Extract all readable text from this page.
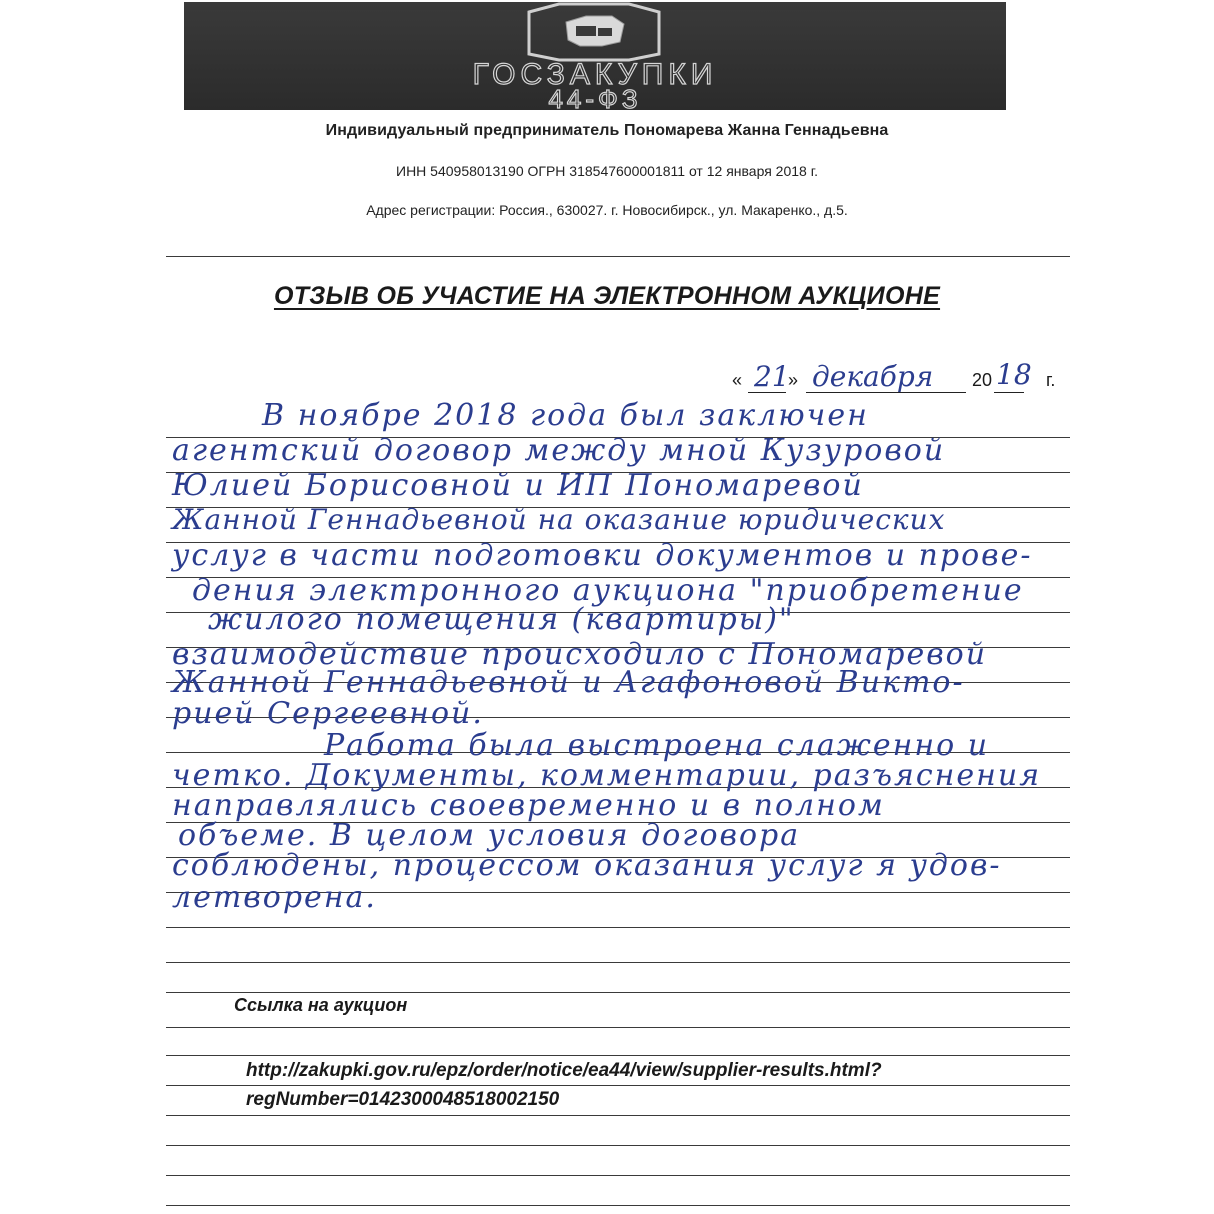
ГОСЗАКУПКИ
44-ФЗ
Индивидуальный предприниматель Пономарева Жанна Геннадьевна
ИНН 540958013190 ОГРН 318547600001811 от 12 января 2018 г.
Адрес регистрации: Россия., 630027. г. Новосибирск., ул. Макаренко., д.5.
ОТЗЫВ ОБ УЧАСТИЕ НА ЭЛЕКТРОННОМ АУКЦИОНЕ
« 21
» декабря 20 18 г.
В ноябре 2018 года был заключен
агентский договор между мной Кузуровой
Юлией Борисовной и ИП Пономаревой
Жанной Геннадьевной на оказание юридических
услуг в части подготовки документов и прове-
дения электронного аукциона "приобретение
жилого помещения (квартиры)"
взаимодействие происходило с Пономаревой
Жанной Геннадьевной и Агафоновой Викто-
рией Сергеевной.
Работа была выстроена слаженно и
четко. Документы, комментарии, разъяснения
направлялись своевременно и в полном
объеме. В целом условия договора
соблюдены, процессом оказания услуг я удов-
летворена.
Ссылка на аукцион
http://zakupki.gov.ru/epz/order/notice/ea44/view/supplier-results.html?
regNumber=0142300048518002150
